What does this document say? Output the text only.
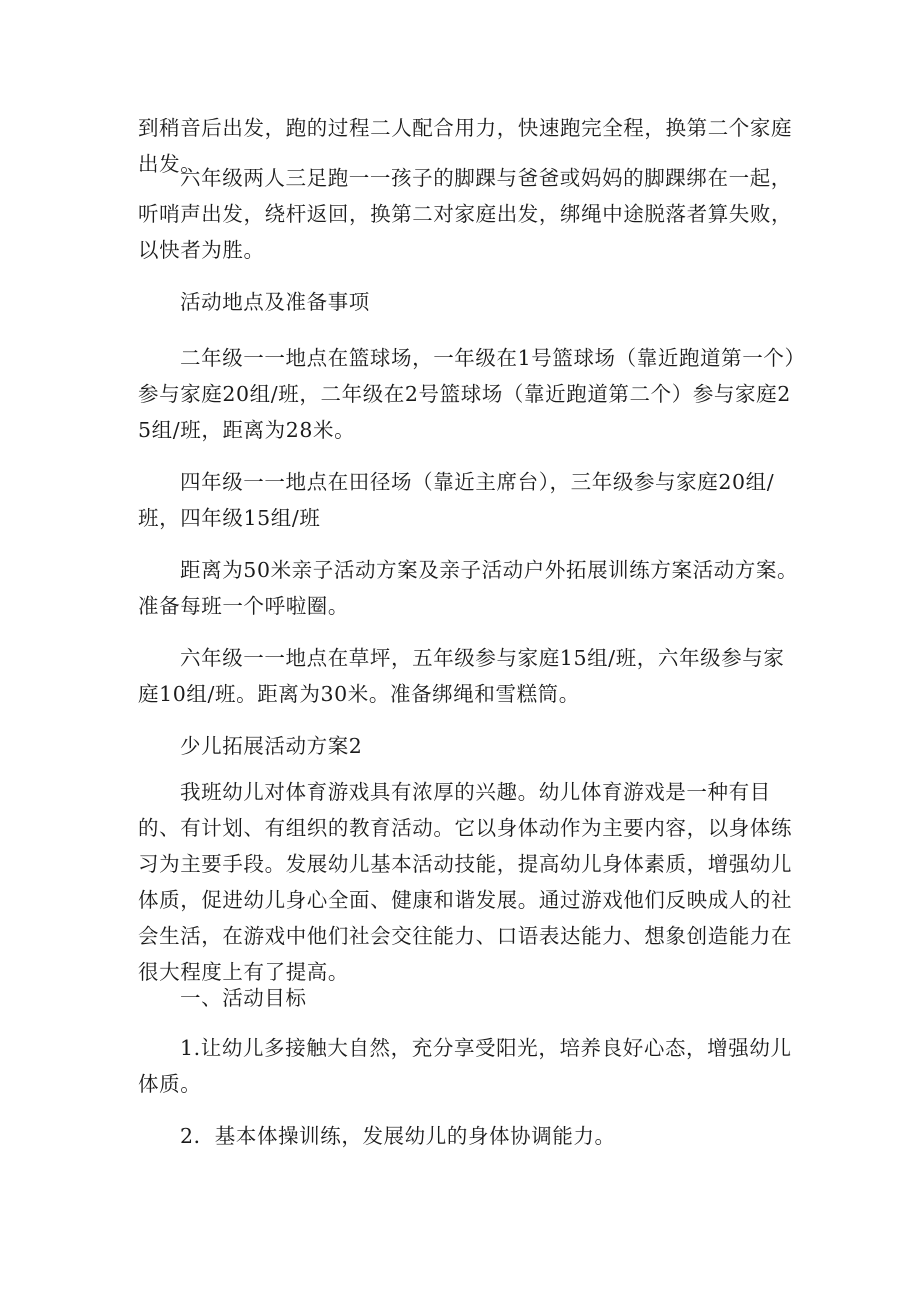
到稍音后出发，跑的过程二人配合用力，快速跑完全程，换第二个家庭出发。

六年级两人三足跑一一孩子的脚踝与爸爸或妈妈的脚踝绑在一起，听哨声出发，绕杆返回，换第二对家庭出发，绑绳中途脱落者算失败，以快者为胜。

活动地点及准备事项

二年级一一地点在篮球场，一年级在1号篮球场（靠近跑道第一个）参与家庭20组/班，二年级在2号篮球场（靠近跑道第二个）参与家庭25组/班，距离为28米。

四年级一一地点在田径场（靠近主席台），三年级参与家庭20组/班，四年级15组/班

距离为50米亲子活动方案及亲子活动户外拓展训练方案活动方案。准备每班一个呼啦圈。

六年级一一地点在草坪，五年级参与家庭15组/班，六年级参与家庭10组/班。距离为30米。准备绑绳和雪糕筒。

少儿拓展活动方案2

我班幼儿对体育游戏具有浓厚的兴趣。幼儿体育游戏是一种有目的、有计划、有组织的教育活动。它以身体动作为主要内容，以身体练习为主要手段。发展幼儿基本活动技能，提高幼儿身体素质，增强幼儿体质，促进幼儿身心全面、健康和谐发展。通过游戏他们反映成人的社会生活，在游戏中他们社会交往能力、口语表达能力、想象创造能力在很大程度上有了提高。

一、活动目标

1.让幼儿多接触大自然，充分享受阳光，培养良好心态，增强幼儿体质。

2．基本体操训练，发展幼儿的身体协调能力。
